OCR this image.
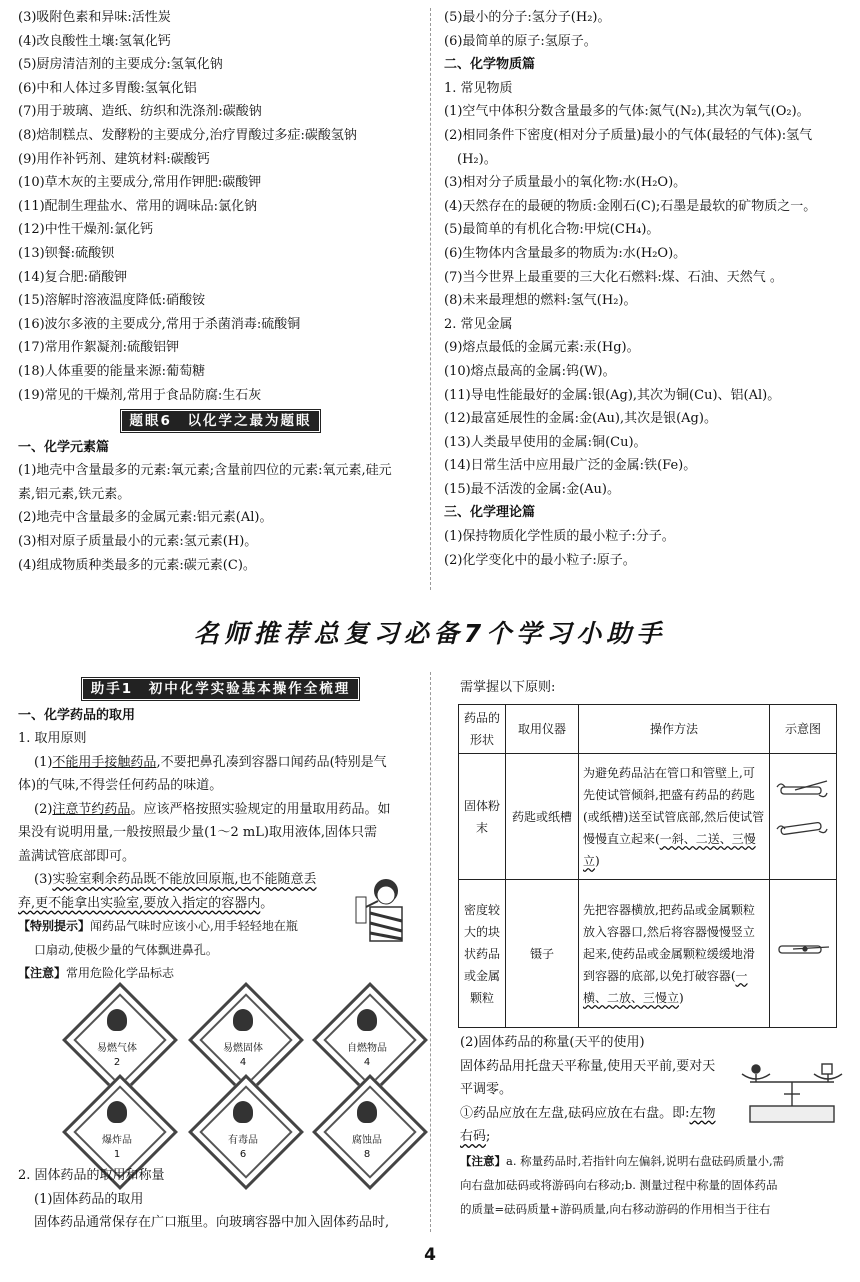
(3)吸附色素和异味:活性炭
(4)改良酸性土壤:氢氧化钙
(5)厨房清洁剂的主要成分:氢氧化钠
(6)中和人体过多胃酸:氢氧化铝
(7)用于玻璃、造纸、纺织和洗涤剂:碳酸钠
(8)焙制糕点、发酵粉的主要成分,治疗胃酸过多症:碳酸氢钠
(9)用作补钙剂、建筑材料:碳酸钙
(10)草木灰的主要成分,常用作钾肥:碳酸钾
(11)配制生理盐水、常用的调味品:氯化钠
(12)中性干燥剂:氯化钙
(13)钡餐:硫酸钡
(14)复合肥:硝酸钾
(15)溶解时溶液温度降低:硝酸铵
(16)波尔多液的主要成分,常用于杀菌消毒:硫酸铜
(17)常用作絮凝剂:硫酸铝钾
(18)人体重要的能量来源:葡萄糖
(19)常见的干燥剂,常用于食品防腐:生石灰
题眼6　以化学之最为题眼
一、化学元素篇
(1)地壳中含量最多的元素:氧元素;含量前四位的元素:氧元素,硅元
素,铝元素,铁元素。
(2)地壳中含量最多的金属元素:铝元素(Al)。
(3)相对原子质量最小的元素:氢元素(H)。
(4)组成物质种类最多的元素:碳元素(C)。
(5)最小的分子:氢分子(H₂)。
(6)最简单的原子:氢原子。
二、化学物质篇
1. 常见物质
(1)空气中体积分数含量最多的气体:氮气(N₂),其次为氧气(O₂)。
(2)相同条件下密度(相对分子质量)最小的气体(最轻的气体):氢气
　(H₂)。
(3)相对分子质量最小的氧化物:水(H₂O)。
(4)天然存在的最硬的物质:金刚石(C);石墨是最软的矿物质之一。
(5)最简单的有机化合物:甲烷(CH₄)。
(6)生物体内含量最多的物质为:水(H₂O)。
(7)当今世界上最重要的三大化石燃料:煤、石油、天然气 。
(8)未来最理想的燃料:氢气(H₂)。
2. 常见金属
(9)熔点最低的金属元素:汞(Hg)。
(10)熔点最高的金属:钨(W)。
(11)导电性能最好的金属:银(Ag),其次为铜(Cu)、铝(Al)。
(12)最富延展性的金属:金(Au),其次是银(Ag)。
(13)人类最早使用的金属:铜(Cu)。
(14)日常生活中应用最广泛的金属:铁(Fe)。
(15)最不活泼的金属:金(Au)。
三、化学理论篇
(1)保持物质化学性质的最小粒子:分子。
(2)化学变化中的最小粒子:原子。
名师推荐总复习必备7个学习小助手
助手1　初中化学实验基本操作全梳理
一、化学药品的取用
1. 取用原则
(1)不能用手接触药品,不要把鼻孔凑到容器口闻药品(特别是气
体)的气味,不得尝任何药品的味道。
(2)注意节约药品。应该严格按照实验规定的用量取用药品。如
果没有说明用量,一般按照最少量(1～2 mL)取用液体,固体只需
盖满试管底部即可。
(3)实验室剩余药品既不能放回原瓶,也不能随意丢
弃,更不能拿出实验室,要放入指定的容器内。
【特别提示】闻药品气味时应该小心,用手轻轻地在瓶
口扇动,使极少量的气体飘进鼻孔。
【注意】常用危险化学品标志
易燃气体
2
易燃固体
4
自燃物品
4
爆炸品
1
有毒品
6
腐蚀品
8
2. 固体药品的取用和称量
(1)固体药品的取用
固体药品通常保存在广口瓶里。向玻璃容器中加入固体药品时,
需掌握以下原则:
药品的形状	取用仪器	操作方法	示意图
固体粉末	药匙或纸槽	为避免药品沾在管口和管壁上,可先使试管倾斜,把盛有药品的药匙(或纸槽)送至试管底部,然后使试管慢慢直立起来(一斜、二送、三慢立)	
密度较大的块状药品或金属颗粒	镊子	先把容器横放,把药品或金属颗粒放入容器口,然后将容器慢慢竖立起来,使药品或金属颗粒缓缓地滑到容器的底部,以免打破容器(一横、二放、三慢立)	
(2)固体药品的称量(天平的使用)
固体药品用托盘天平称量,使用天平前,要对天
平调零。
①药品应放在左盘,砝码应放在右盘。即:左物
右码;
【注意】a. 称量药品时,若指针向左偏斜,说明右盘砝码质量小,需
向右盘加砝码或将游码向右移动;b. 测量过程中称量的固体药品
的质量=砝码质量+游码质量,向右移动游码的作用相当于往右
4
